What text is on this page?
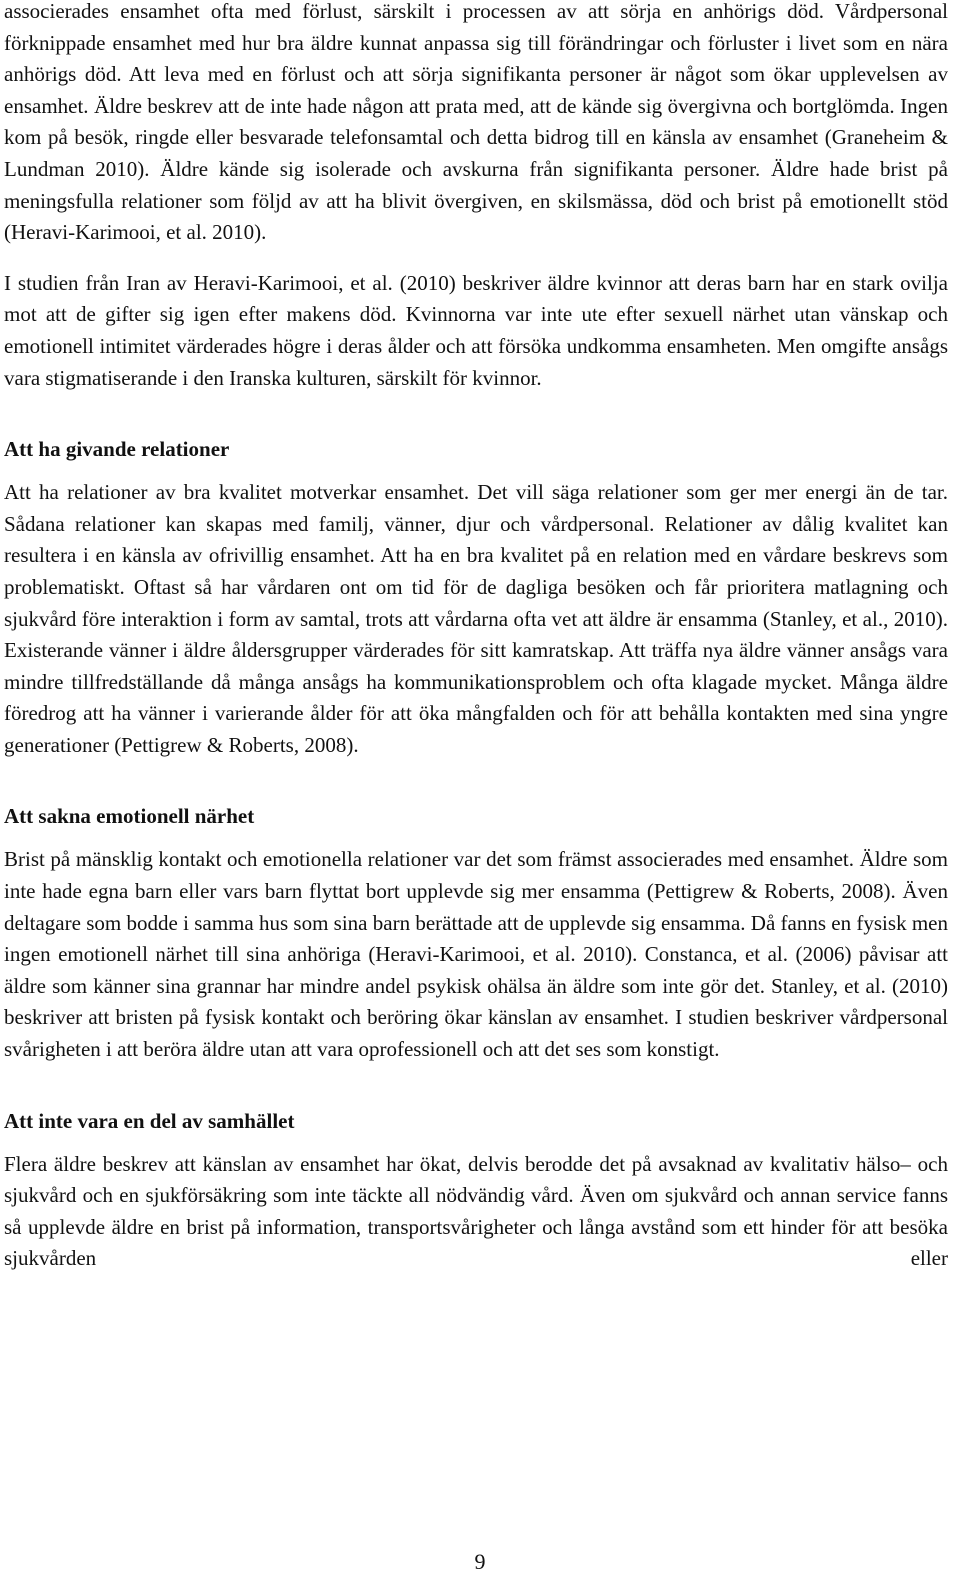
associerades ensamhet ofta med förlust, särskilt i processen av att sörja en anhörigs död. Vårdpersonal förknippade ensamhet med hur bra äldre kunnat anpassa sig till förändringar och förluster i livet som en nära anhörigs död. Att leva med en förlust och att sörja signifikanta personer är något som ökar upplevelsen av ensamhet. Äldre beskrev att de inte hade någon att prata med, att de kände sig övergivna och bortglömda. Ingen kom på besök, ringde eller besvarade telefonsamtal och detta bidrog till en känsla av ensamhet (Graneheim & Lundman 2010). Äldre kände sig isolerade och avskurna från signifikanta personer. Äldre hade brist på meningsfulla relationer som följd av att ha blivit övergiven, en skilsmässa, död och brist på emotionellt stöd (Heravi-Karimooi, et al. 2010).

I studien från Iran av Heravi-Karimooi, et al. (2010) beskriver äldre kvinnor att deras barn har en stark ovilja mot att de gifter sig igen efter makens död. Kvinnorna var inte ute efter sexuell närhet utan vänskap och emotionell intimitet värderades högre i deras ålder och att försöka undkomma ensamheten. Men omgifte ansågs vara stigmatiserande i den Iranska kulturen, särskilt för kvinnor.

Att ha givande relationer

Att ha relationer av bra kvalitet motverkar ensamhet. Det vill säga relationer som ger mer energi än de tar. Sådana relationer kan skapas med familj, vänner, djur och vårdpersonal. Relationer av dålig kvalitet kan resultera i en känsla av ofrivillig ensamhet. Att ha en bra kvalitet på en relation med en vårdare beskrevs som problematiskt. Oftast så har vårdaren ont om tid för de dagliga besöken och får prioritera matlagning och sjukvård före interaktion i form av samtal, trots att vårdarna ofta vet att äldre är ensamma (Stanley, et al., 2010). Existerande vänner i äldre åldersgrupper värderades för sitt kamratskap. Att träffa nya äldre vänner ansågs vara mindre tillfredställande då många ansågs ha kommunikationsproblem och ofta klagade mycket. Många äldre föredrog att ha vänner i varierande ålder för att öka mångfalden och för att behålla kontakten med sina yngre generationer (Pettigrew & Roberts, 2008).

Att sakna emotionell närhet

Brist på mänsklig kontakt och emotionella relationer var det som främst associerades med ensamhet. Äldre som inte hade egna barn eller vars barn flyttat bort upplevde sig mer ensamma (Pettigrew & Roberts, 2008). Även deltagare som bodde i samma hus som sina barn berättade att de upplevde sig ensamma. Då fanns en fysisk men ingen emotionell närhet till sina anhöriga (Heravi-Karimooi, et al. 2010). Constanca, et al. (2006) påvisar att äldre som känner sina grannar har mindre andel psykisk ohälsa än äldre som inte gör det. Stanley, et al. (2010) beskriver att bristen på fysisk kontakt och beröring ökar känslan av ensamhet. I studien beskriver vårdpersonal svårigheten i att beröra äldre utan att vara oprofessionell och att det ses som konstigt.

Att inte vara en del av samhället

Flera äldre beskrev att känslan av ensamhet har ökat, delvis berodde det på avsaknad av kvalitativ hälso– och sjukvård och en sjukförsäkring som inte täckte all nödvändig vård. Även om sjukvård och annan service fanns så upplevde äldre en brist på information, transportsvårigheter och långa avstånd som ett hinder för att besöka sjukvården eller

9
